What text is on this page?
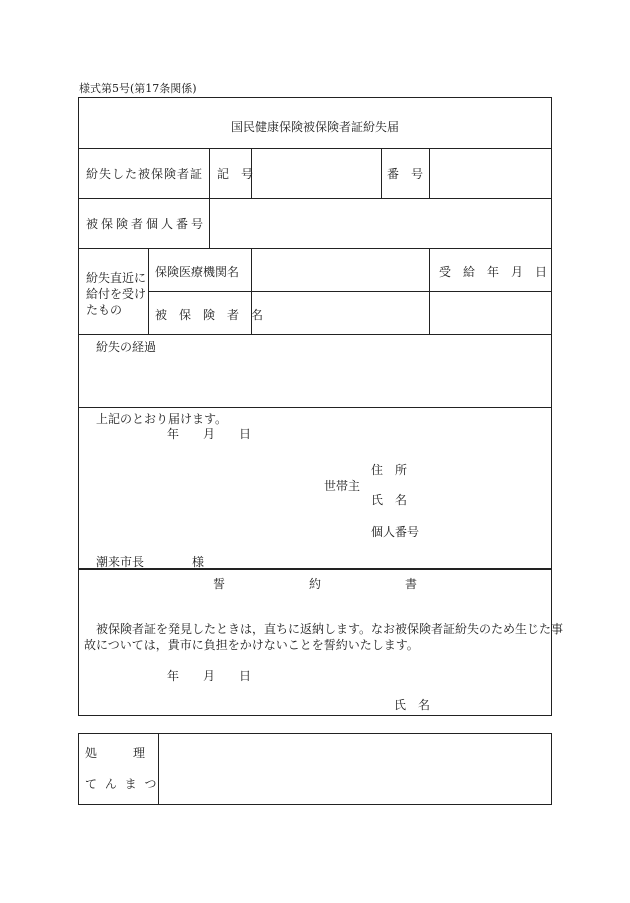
様式第5号(第17条関係)
国民健康保険被保険者証紛失届
紛失した被保険者証 記　号	番　号
被保険者個人番号
紛失直近に
給付を受け
たもの
保険医療機関名	受　給　年　月　日
被　保　険　者　名
紛失の経過
上記のとおり届けます。
年　　月　　日
住　所
世帯主
氏　名
個人番号
潮来市長　　　　様
誓　　　　　　　約　　　　　　　書
被保険者証を発見したときは，直ちに返納します。なお被保険者証紛失のため生じた事
故については，貴市に負担をかけないことを誓約いたします。
年　　月　　日
氏　名
処　　　理
て ん ま つ
